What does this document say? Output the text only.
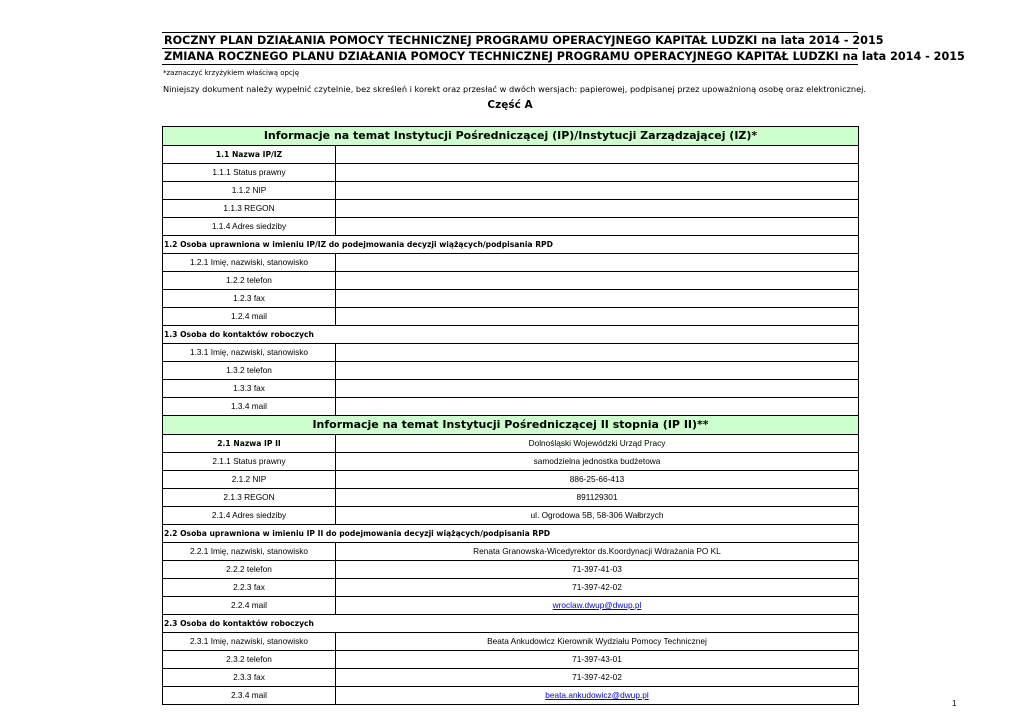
ROCZNY PLAN DZIAŁANIA POMOCY TECHNICZNEJ PROGRAMU OPERACYJNEGO KAPITAŁ LUDZKI na lata 2014 - 2015
ZMIANA ROCZNEGO PLANU DZIAŁANIA POMOCY TECHNICZNEJ PROGRAMU OPERACYJNEGO KAPITAŁ LUDZKI na lata 2014 - 2015
*zaznaczyć krzyżykiem właściwą opcję
Niniejszy dokument należy wypełnić czytelnie, bez skreśleń i korekt oraz przesłać w dwóch wersjach: papierowej, podpisanej przez upoważnioną osobę oraz elektronicznej.
Część A
Informacje na temat Instytucji Pośredniczącej (IP)/Instytucji Zarządzającej (IZ)*
1.1 Nazwa IP/IZ
1.1.1 Status prawny
1.1.2 NIP
1.1.3 REGON
1.1.4 Adres siedziby
1.2 Osoba uprawniona w imieniu IP/IZ do podejmowania decyzji wiążących/podpisania RPD
1.2.1 Imię, nazwiski, stanowisko
1.2.2 telefon
1.2.3 fax
1.2.4 mail
1.3 Osoba do kontaktów roboczych
1.3.1 Imię, nazwiski, stanowisko
1.3.2 telefon
1.3.3 fax
1.3.4 mail
Informacje na temat Instytucji Pośredniczącej II stopnia (IP II)**
2.1 Nazwa IP II	Dolnośląski Wojewódzki Urząd Pracy
2.1.1 Status prawny	samodzielna jednostka budżetowa
2.1.2 NIP	886-25-66-413
2.1.3 REGON	891129301
2.1.4 Adres siedziby	ul. Ogrodowa 5B, 58-306 Wałbrzych
2.2 Osoba uprawniona w imieniu IP II do podejmowania decyzji wiążących/podpisania RPD
2.2.1 Imię, nazwiski, stanowisko	Renata Granowska-Wicedyrektor ds.Koordynacji Wdrażania PO KL
2.2.2 telefon	71-397-41-03
2.2.3 fax	71-397-42-02
2.2.4 mail	wroclaw.dwup@dwup.pl
2.3 Osoba do kontaktów roboczych
2.3.1 Imię, nazwiski, stanowisko	Beata Ankudowicz Kierownik Wydziału Pomocy Technicznej
2.3.2 telefon	71-397-43-01
2.3.3 fax	71-397-42-02
2.3.4 mail	beata.ankudowicz@dwup.pl
1
